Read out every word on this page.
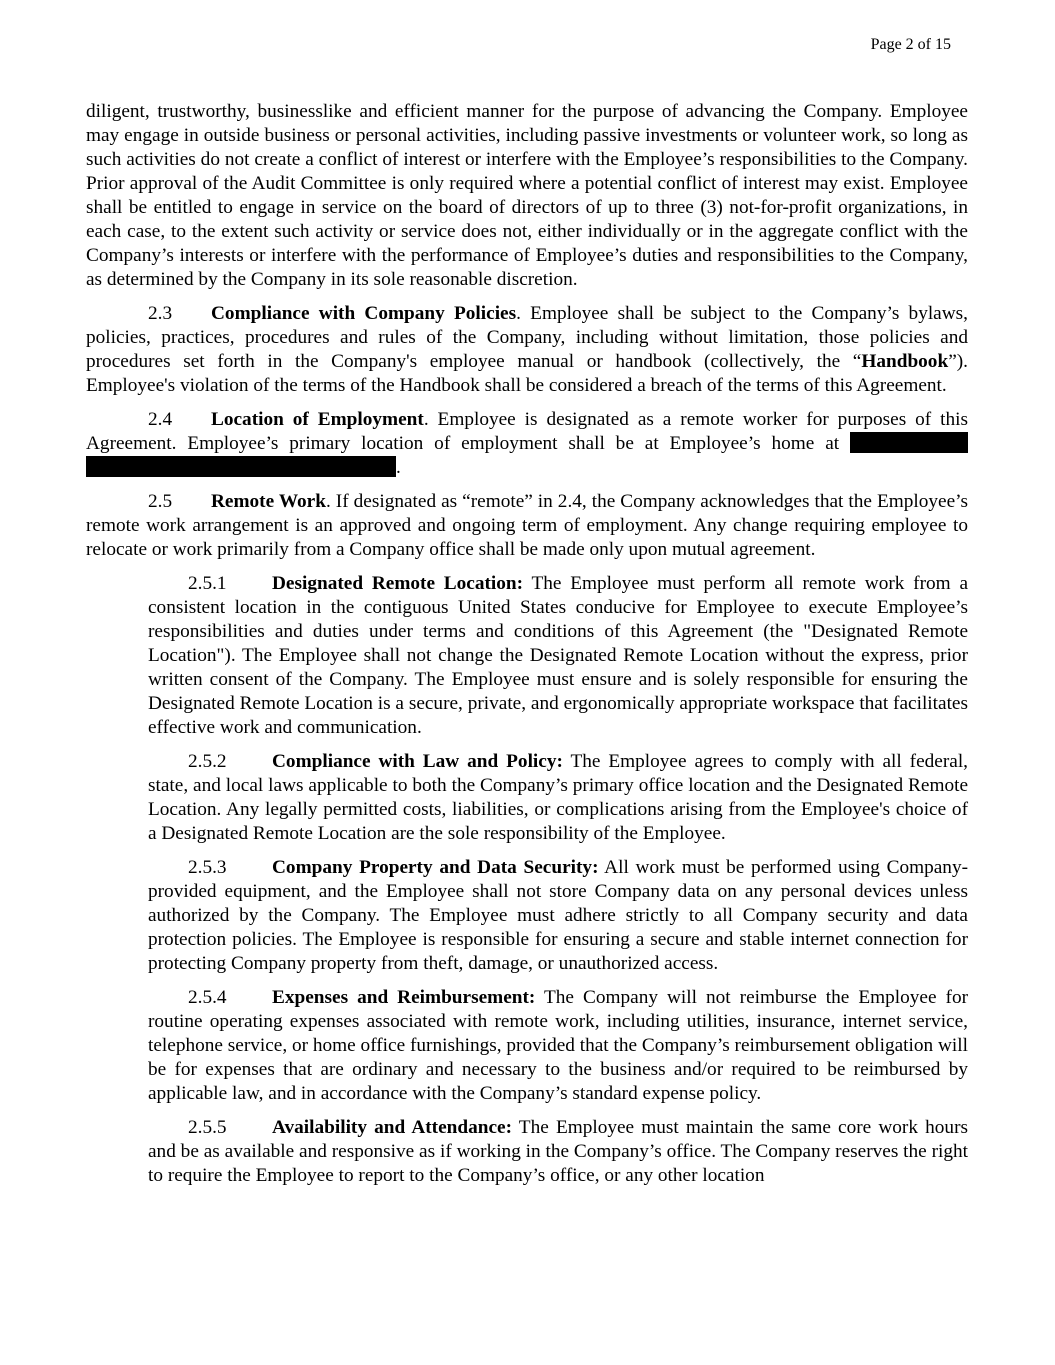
Page 2 of 15

diligent, trustworthy, businesslike and efficient manner for the purpose of advancing the Company. Employee may engage in outside business or personal activities, including passive investments or volunteer work, so long as such activities do not create a conflict of interest or interfere with the Employee’s responsibilities to the Company. Prior approval of the Audit Committee is only required where a potential conflict of interest may exist. Employee shall be entitled to engage in service on the board of directors of up to three (3) not-for-profit organizations, in each case, to the extent such activity or service does not, either individually or in the aggregate conflict with the Company’s interests or interfere with the performance of Employee’s duties and responsibilities to the Company, as determined by the Company in its sole reasonable discretion.

2.3 Compliance with Company Policies. Employee shall be subject to the Company’s bylaws, policies, practices, procedures and rules of the Company, including without limitation, those policies and procedures set forth in the Company's employee manual or handbook (collectively, the “Handbook”). Employee's violation of the terms of the Handbook shall be considered a breach of the terms of this Agreement.

2.4 Location of Employment. Employee is designated as a remote worker for purposes of this Agreement. Employee’s primary location of employment shall be at Employee’s home at  .

2.5 Remote Work. If designated as “remote” in 2.4, the Company acknowledges that the Employee’s remote work arrangement is an approved and ongoing term of employment. Any change requiring employee to relocate or work primarily from a Company office shall be made only upon mutual agreement.

2.5.1 Designated Remote Location: The Employee must perform all remote work from a consistent location in the contiguous United States conducive for Employee to execute Employee’s responsibilities and duties under terms and conditions of this Agreement (the "Designated Remote Location"). The Employee shall not change the Designated Remote Location without the express, prior written consent of the Company. The Employee must ensure and is solely responsible for ensuring the Designated Remote Location is a secure, private, and ergonomically appropriate workspace that facilitates effective work and communication.

2.5.2 Compliance with Law and Policy: The Employee agrees to comply with all federal, state, and local laws applicable to both the Company’s primary office location and the Designated Remote Location. Any legally permitted costs, liabilities, or complications arising from the Employee's choice of a Designated Remote Location are the sole responsibility of the Employee.

2.5.3 Company Property and Data Security: All work must be performed using Company-provided equipment, and the Employee shall not store Company data on any personal devices unless authorized by the Company. The Employee must adhere strictly to all Company security and data protection policies. The Employee is responsible for ensuring a secure and stable internet connection for protecting Company property from theft, damage, or unauthorized access.

2.5.4 Expenses and Reimbursement: The Company will not reimburse the Employee for routine operating expenses associated with remote work, including utilities, insurance, internet service, telephone service, or home office furnishings, provided that the Company’s reimbursement obligation will be for expenses that are ordinary and necessary to the business and/or required to be reimbursed by applicable law, and in accordance with the Company’s standard expense policy.

2.5.5 Availability and Attendance: The Employee must maintain the same core work hours and be as available and responsive as if working in the Company’s office. The Company reserves the right to require the Employee to report to the Company’s office, or any other location
